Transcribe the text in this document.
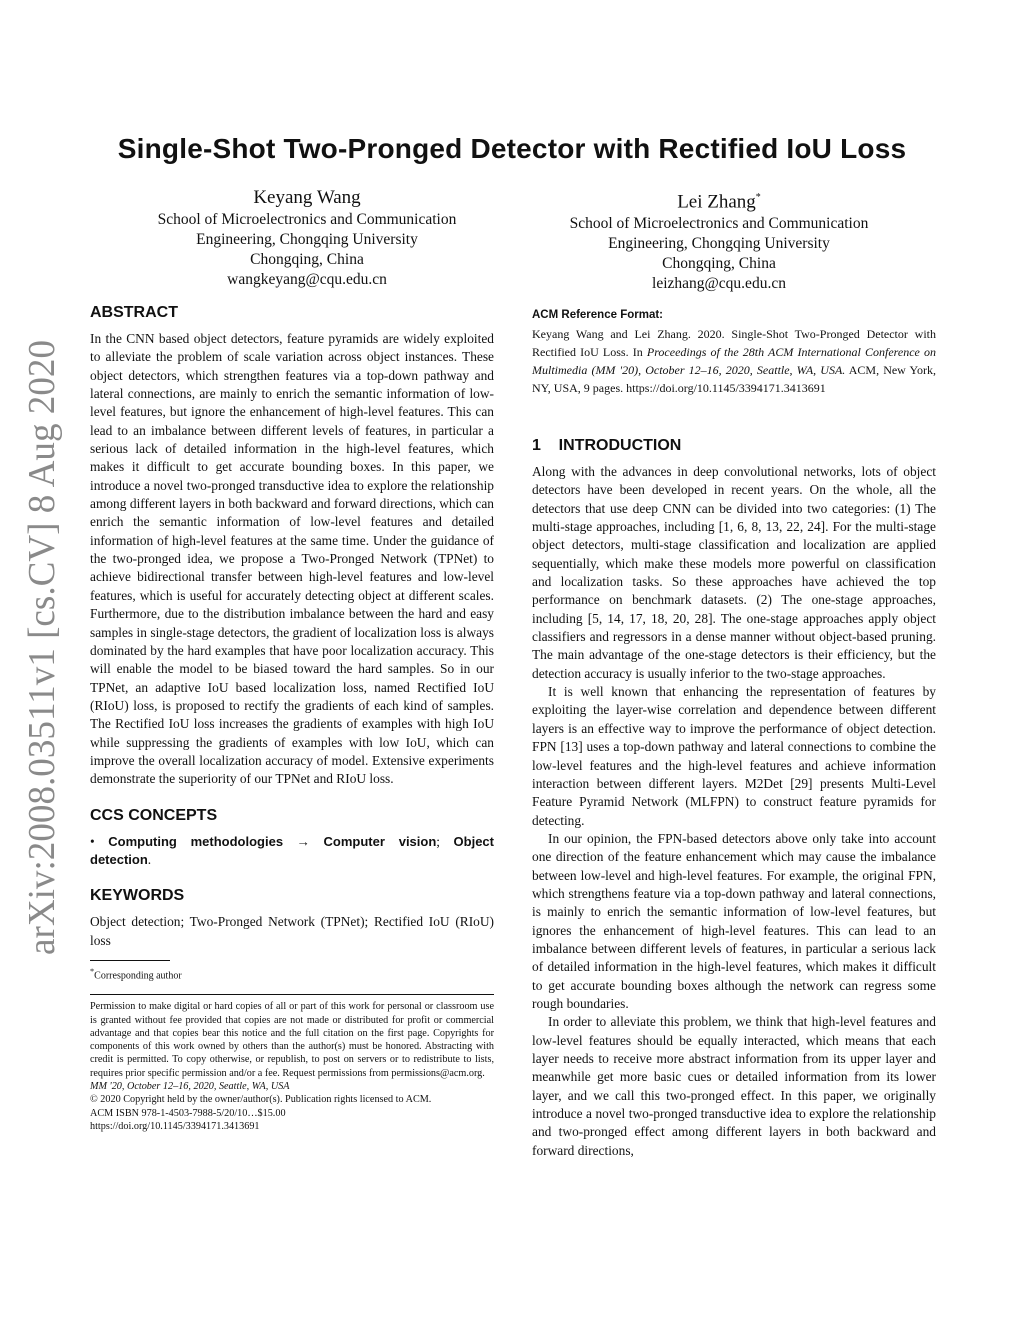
arXiv:2008.03511v1 [cs.CV] 8 Aug 2020
Single-Shot Two-Pronged Detector with Rectified IoU Loss
Keyang Wang
School of Microelectronics and Communication
Engineering, Chongqing University
Chongqing, China
wangkeyang@cqu.edu.cn
Lei Zhang*
School of Microelectronics and Communication
Engineering, Chongqing University
Chongqing, China
leizhang@cqu.edu.cn
ABSTRACT

In the CNN based object detectors, feature pyramids are widely exploited to alleviate the problem of scale variation across object instances. These object detectors, which strengthen features via a top-down pathway and lateral connections, are mainly to enrich the semantic information of low-level features, but ignore the enhancement of high-level features. This can lead to an imbalance between different levels of features, in particular a serious lack of detailed information in the high-level features, which makes it difficult to get accurate bounding boxes. In this paper, we introduce a novel two-pronged transductive idea to explore the relationship among different layers in both backward and forward directions, which can enrich the semantic information of low-level features and detailed information of high-level features at the same time. Under the guidance of the two-pronged idea, we propose a Two-Pronged Network (TPNet) to achieve bidirectional transfer between high-level features and low-level features, which is useful for accurately detecting object at different scales. Furthermore, due to the distribution imbalance between the hard and easy samples in single-stage detectors, the gradient of localization loss is always dominated by the hard examples that have poor localization accuracy. This will enable the model to be biased toward the hard samples. So in our TPNet, an adaptive IoU based localization loss, named Rectified IoU (RIoU) loss, is proposed to rectify the gradients of each kind of samples. The Rectified IoU loss increases the gradients of examples with high IoU while suppressing the gradients of examples with low IoU, which can improve the overall localization accuracy of model. Extensive experiments demonstrate the superiority of our TPNet and RIoU loss.

CCS CONCEPTS

• Computing methodologies → Computer vision; Object detection.

KEYWORDS

Object detection; Two-Pronged Network (TPNet); Rectified IoU (RIoU) loss

*Corresponding author

Permission to make digital or hard copies of all or part of this work for personal or classroom use is granted without fee provided that copies are not made or distributed for profit or commercial advantage and that copies bear this notice and the full citation on the first page. Copyrights for components of this work owned by others than the author(s) must be honored. Abstracting with credit is permitted. To copy otherwise, or republish, to post on servers or to redistribute to lists, requires prior specific permission and/or a fee. Request permissions from permissions@acm.org.

MM '20, October 12–16, 2020, Seattle, WA, USA

© 2020 Copyright held by the owner/author(s). Publication rights licensed to ACM.

ACM ISBN 978-1-4503-7988-5/20/10…$15.00

https://doi.org/10.1145/3394171.3413691

ACM Reference Format:

Keyang Wang and Lei Zhang. 2020. Single-Shot Two-Pronged Detector with Rectified IoU Loss. In Proceedings of the 28th ACM International Conference on Multimedia (MM '20), October 12–16, 2020, Seattle, WA, USA. ACM, New York, NY, USA, 9 pages. https://doi.org/10.1145/3394171.3413691

1    INTRODUCTION

Along with the advances in deep convolutional networks, lots of object detectors have been developed in recent years. On the whole, all the detectors that use deep CNN can be divided into two categories: (1) The multi-stage approaches, including [1, 6, 8, 13, 22, 24]. For the multi-stage object detectors, multi-stage classification and localization are applied sequentially, which make these models more powerful on classification and localization tasks. So these approaches have achieved the top performance on benchmark datasets. (2) The one-stage approaches, including [5, 14, 17, 18, 20, 28]. The one-stage approaches apply object classifiers and regressors in a dense manner without object-based pruning. The main advantage of the one-stage detectors is their efficiency, but the detection accuracy is usually inferior to the two-stage approaches.

It is well known that enhancing the representation of features by exploiting the layer-wise correlation and dependence between different layers is an effective way to improve the performance of object detection. FPN [13] uses a top-down pathway and lateral connections to combine the low-level features and the high-level features and achieve information interaction between different layers. M2Det [29] presents Multi-Level Feature Pyramid Network (MLFPN) to construct feature pyramids for detecting.

In our opinion, the FPN-based detectors above only take into account one direction of the feature enhancement which may cause the imbalance between low-level and high-level features. For example, the original FPN, which strengthens feature via a top-down pathway and lateral connections, is mainly to enrich the semantic information of low-level features, but ignores the enhancement of high-level features. This can lead to an imbalance between different levels of features, in particular a serious lack of detailed information in the high-level features, which makes it difficult to get accurate bounding boxes although the network can regress some rough boundaries.

In order to alleviate this problem, we think that high-level features and low-level features should be equally interacted, which means that each layer needs to receive more abstract information from its upper layer and meanwhile get more basic cues or detailed information from its lower layer, and we call this two-pronged effect. In this paper, we originally introduce a novel two-pronged transductive idea to explore the relationship and two-pronged effect among different layers in both backward and forward directions,
